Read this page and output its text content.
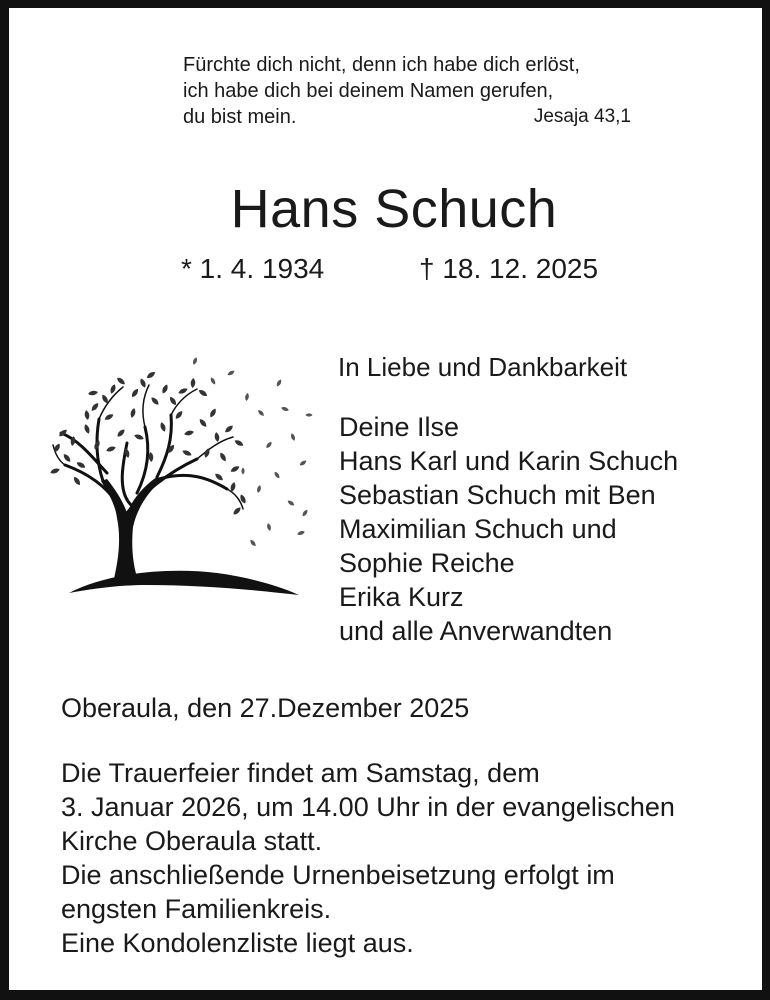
Fürchte dich nicht, denn ich habe dich erlöst,
ich habe dich bei deinem Namen gerufen,
du bist mein.	Jesaja 43,1
Hans Schuch
* 1. 4. 1934	† 18. 12. 2025
In Liebe und Dankbarkeit
Deine Ilse
Hans Karl und Karin Schuch
Sebastian Schuch mit Ben
Maximilian Schuch und
Sophie Reiche
Erika Kurz
und alle Anverwandten
Oberaula, den 27.Dezember 2025
Die Trauerfeier findet am Samstag, dem
3. Januar 2026, um 14.00 Uhr in der evangelischen
Kirche Oberaula statt.
Die anschließende Urnenbeisetzung erfolgt im
engsten Familienkreis.
Eine Kondolenzliste liegt aus.
